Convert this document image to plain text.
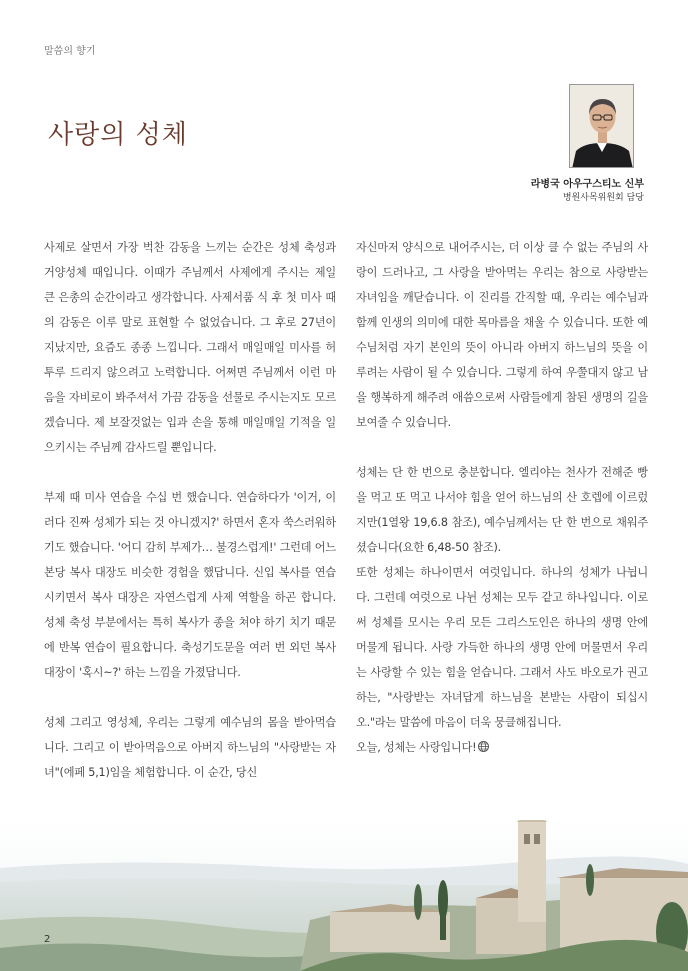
말씀의 향기
사랑의 성체
라병국 아우구스티노 신부
병원사목위원회 담당

사제로 살면서 가장 벅찬 감동을 느끼는 순간은 성체 축성과 거양성체 때입니다. 이때가 주님께서 사제에게 주시는 제일 큰 은총의 순간이라고 생각합니다. 사제서품 식 후 첫 미사 때의 감동은 이루 말로 표현할 수 없었습니다. 그 후로 27년이 지났지만, 요즘도 종종 느낍니다. 그래서 매일매일 미사를 허투루 드리지 않으려고 노력합니다. 어쩌면 주님께서 이런 마음을 자비로이 봐주셔서 가끔 감동을 선물로 주시는지도 모르겠습니다. 제 보잘것없는 입과 손을 통해 매일매일 기적을 일으키시는 주님께 감사드릴 뿐입니다.

부제 때 미사 연습을 수십 번 했습니다. 연습하다가 '이거, 이러다 진짜 성체가 되는 것 아니겠지?' 하면서 혼자 쑥스러워하기도 했습니다. '어디 감히 부제가… 불경스럽게!' 그런데 어느 본당 복사 대장도 비슷한 경험을 했답니다. 신입 복사를 연습시키면서 복사 대장은 자연스럽게 사제 역할을 하곤 합니다. 성체 축성 부분에서는 특히 복사가 종을 쳐야 하기 치기 때문에 반복 연습이 필요합니다. 축성기도문을 여러 번 외던 복사 대장이 '혹시~?' 하는 느낌을 가졌답니다.

성체 그리고 영성체, 우리는 그렇게 예수님의 몸을 받아먹습니다. 그리고 이 받아먹음으로 아버지 하느님의 "사랑받는 자녀"(에페 5,1)임을 체험합니다. 이 순간, 당신

자신마저 양식으로 내어주시는, 더 이상 클 수 없는 주님의 사랑이 드러나고, 그 사랑을 받아먹는 우리는 참으로 사랑받는 자녀임을 깨닫습니다. 이 진리를 간직할 때, 우리는 예수님과 함께 인생의 의미에 대한 목마름을 채울 수 있습니다. 또한 예수님처럼 자기 본인의 뜻이 아니라 아버지 하느님의 뜻을 이루려는 사람이 될 수 있습니다. 그렇게 하여 우쭐대지 않고 남을 행복하게 해주려 애씀으로써 사람들에게 참된 생명의 길을 보여줄 수 있습니다.

성체는 단 한 번으로 충분합니다. 엘리야는 천사가 전해준 빵을 먹고 또 먹고 나서야 힘을 얻어 하느님의 산 호렙에 이르렀지만(1열왕 19,6.8 참조), 예수님께서는 단 한 번으로 채워주셨습니다(요한 6,48-50 참조).

또한 성체는 하나이면서 여럿입니다. 하나의 성체가 나뉩니다. 그런데 여럿으로 나뉜 성체는 모두 같고 하나입니다. 이로써 성체를 모시는 우리 모든 그리스도인은 하나의 생명 안에 머물게 됩니다. 사랑 가득한 하나의 생명 안에 머물면서 우리는 사랑할 수 있는 힘을 얻습니다. 그래서 사도 바오로가 권고하는, "사랑받는 자녀답게 하느님을 본받는 사람이 되십시오."라는 말씀에 마음이 더욱 뭉클해집니다.

오늘, 성체는 사랑입니다!

2
